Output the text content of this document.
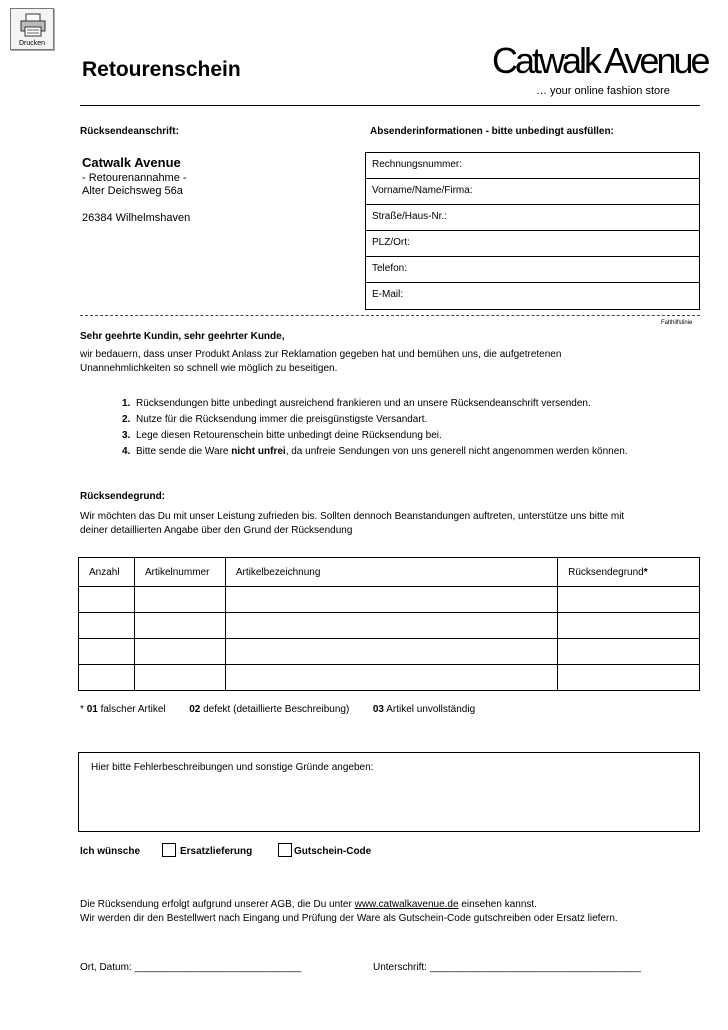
Drucken
Retourenschein	Catwalk Avenue
… your online fashion store
Rücksendeanschrift:	Absenderinformationen - bitte unbedingt ausfüllen:
Catwalk Avenue
- Retourenannahme -
Alter Deichsweg 56a
26384 Wilhelmshaven
Rechnungsnummer:
Vorname/Name/Firma:
Straße/Haus-Nr.:
PLZ/Ort:
Telefon:
E-Mail:
Falthilfslinie
Sehr geehrte Kundin, sehr geehrter Kunde,
wir bedauern, dass unser Produkt Anlass zur Reklamation gegeben hat und bemühen uns, die aufgetretenen
Unannehmlichkeiten so schnell wie möglich zu beseitigen.
1. Rücksendungen bitte unbedingt ausreichend frankieren und an unsere Rücksendeanschrift versenden.
2. Nutze für die Rücksendung immer die preisgünstigste Versandart.
3. Lege diesen Retourenschein bitte unbedingt deine Rücksendung bei.
4. Bitte sende die Ware nicht unfrei, da unfreie Sendungen von uns generell nicht angenommen werden können.
Rücksendegrund:
Wir möchten das Du mit unser Leistung zufrieden bis. Sollten dennoch Beanstandungen auftreten, unterstütze uns bitte mit
deiner detaillierten Angabe über den Grund der Rücksendung
Anzahl	Artikelnummer	Artikelbezeichnung	Rücksendegrund*

* 01 falscher Artikel 02 defekt (detaillierte Beschreibung) 03 Artikel unvollständig
Hier bitte Fehlerbeschreibungen und sonstige Gründe angeben:
Ich wünsche	Ersatzlieferung	Gutschein-Code
Die Rücksendung erfolgt aufgrund unserer AGB, die Du unter www.catwalkavenue.de einsehen kannst.
Wir werden dir den Bestellwert nach Eingang und Prüfung der Ware als Gutschein-Code gutschreiben oder Ersatz liefern.
Ort, Datum: ______________________________	Unterschrift: ______________________________________
